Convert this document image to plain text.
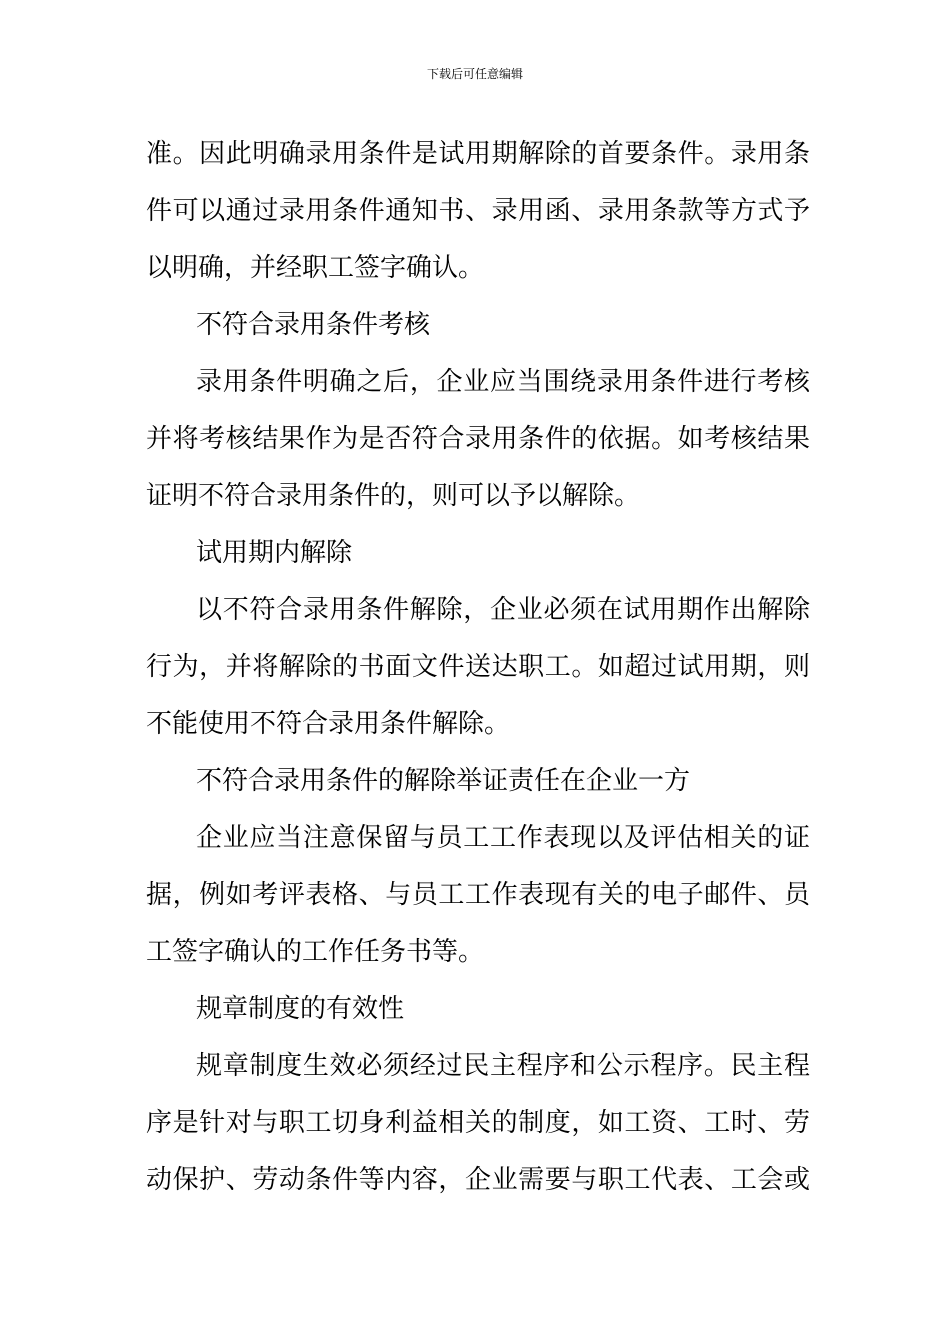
下载后可任意编辑
准。因此明确录用条件是试用期解除的首要条件。录用条
件可以通过录用条件通知书、录用函、录用条款等方式予
以明确，并经职工签字确认。
不符合录用条件考核
录用条件明确之后，企业应当围绕录用条件进行考核
并将考核结果作为是否符合录用条件的依据。如考核结果
证明不符合录用条件的，则可以予以解除。
试用期内解除
以不符合录用条件解除，企业必须在试用期作出解除
行为，并将解除的书面文件送达职工。如超过试用期，则
不能使用不符合录用条件解除。
不符合录用条件的解除举证责任在企业一方
企业应当注意保留与员工工作表现以及评估相关的证
据，例如考评表格、与员工工作表现有关的电子邮件、员
工签字确认的工作任务书等。
规章制度的有效性
规章制度生效必须经过民主程序和公示程序。民主程
序是针对与职工切身利益相关的制度，如工资、工时、劳
动保护、劳动条件等内容，企业需要与职工代表、工会或
